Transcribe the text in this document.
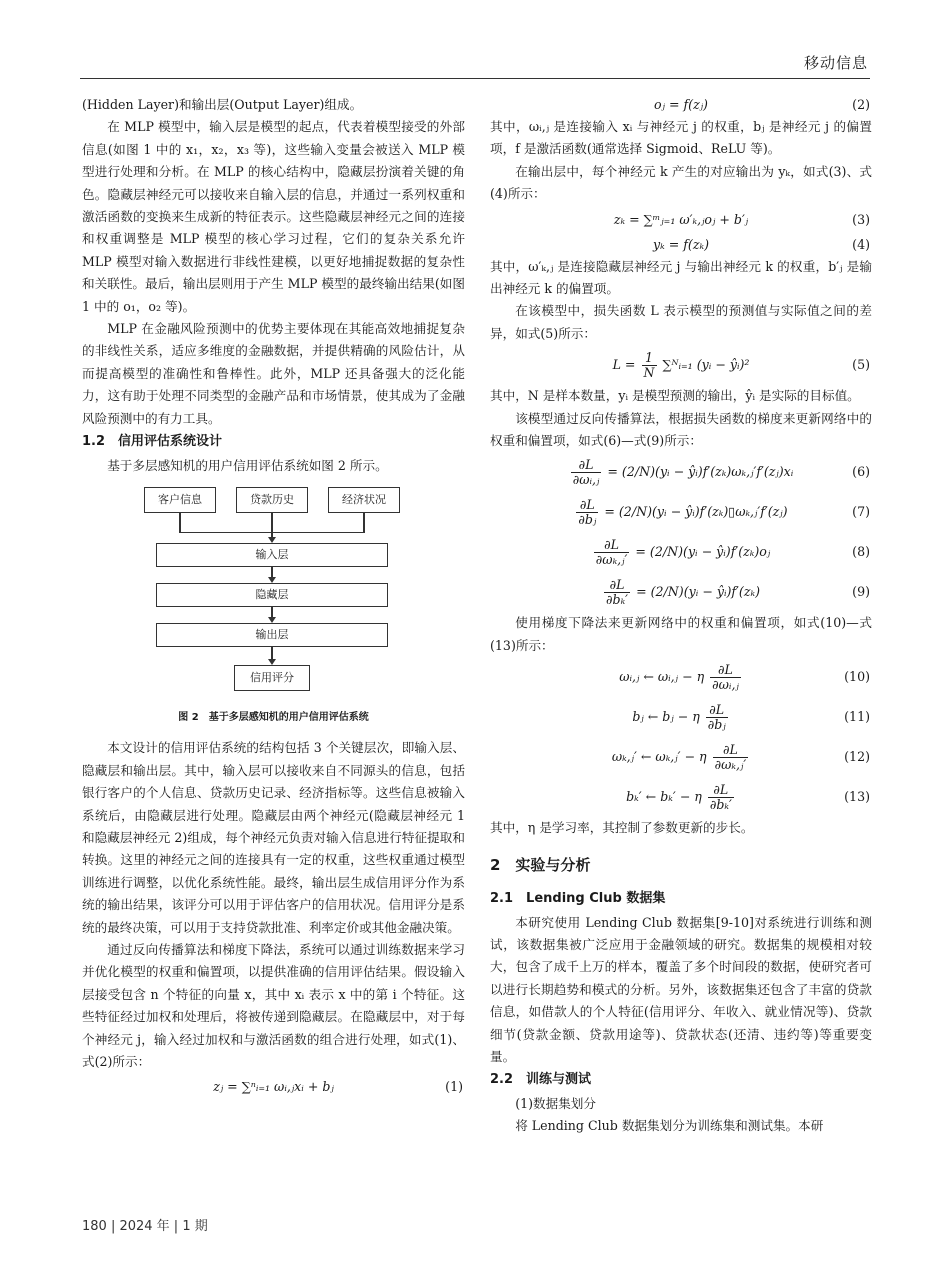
移动信息

(Hidden Layer)和输出层(Output Layer)组成。

在 MLP 模型中，输入层是模型的起点，代表着模型接受的外部信息(如图 1 中的 x₁，x₂，x₃ 等)，这些输入变量会被送入 MLP 模型进行处理和分析。在 MLP 的核心结构中，隐藏层扮演着关键的角色。隐藏层神经元可以接收来自输入层的信息，并通过一系列权重和激活函数的变换来生成新的特征表示。这些隐藏层神经元之间的连接和权重调整是 MLP 模型的核心学习过程，它们的复杂关系允许 MLP 模型对输入数据进行非线性建模，以更好地捕捉数据的复杂性和关联性。最后，输出层则用于产生 MLP 模型的最终输出结果(如图 1 中的 o₁，o₂ 等)。

MLP 在金融风险预测中的优势主要体现在其能高效地捕捉复杂的非线性关系，适应多维度的金融数据，并提供精确的风险估计，从而提高模型的准确性和鲁棒性。此外，MLP 还具备强大的泛化能力，这有助于处理不同类型的金融产品和市场情景，使其成为了金融风险预测中的有力工具。

1.2　信用评估系统设计

基于多层感知机的用户信用评估系统如图 2 所示。

客户信息	贷款历史	经济状况
输入层
隐藏层
输出层
信用评分
图 2　基于多层感知机的用户信用评估系统

本文设计的信用评估系统的结构包括 3 个关键层次，即输入层、隐藏层和输出层。其中，输入层可以接收来自不同源头的信息，包括银行客户的个人信息、贷款历史记录、经济指标等。这些信息被输入系统后，由隐藏层进行处理。隐藏层由两个神经元(隐藏层神经元 1 和隐藏层神经元 2)组成，每个神经元负责对输入信息进行特征提取和转换。这里的神经元之间的连接具有一定的权重，这些权重通过模型训练进行调整，以优化系统性能。最终，输出层生成信用评分作为系统的输出结果，该评分可以用于评估客户的信用状况。信用评分是系统的最终决策，可以用于支持贷款批准、利率定价或其他金融决策。

通过反向传播算法和梯度下降法，系统可以通过训练数据来学习并优化模型的权重和偏置项，以提供准确的信用评估结果。假设输入层接受包含 n 个特征的向量 x，其中 xᵢ 表示 x 中的第 i 个特征。这些特征经过加权和处理后，将被传递到隐藏层。在隐藏层中，对于每个神经元 j，输入经过加权和与激活函数的组合进行处理，如式(1)、式(2)所示：

zⱼ = ∑ⁿᵢ₌₁ ωᵢ,ⱼxᵢ + bⱼ	(1)
oⱼ = f(zⱼ)	(2)

其中，ωᵢ,ⱼ 是连接输入 xᵢ 与神经元 j 的权重，bⱼ 是神经元 j 的偏置项，f 是激活函数(通常选择 Sigmoid、ReLU 等)。

在输出层中，每个神经元 k 产生的对应输出为 yₖ，如式(3)、式(4)所示：

zₖ = ∑ᵐⱼ₌₁ ω′ₖ,ⱼoⱼ + b′ⱼ	(3)
yₖ = f(zₖ)	(4)

其中，ω′ₖ,ⱼ 是连接隐藏层神经元 j 与输出神经元 k 的权重，b′ⱼ 是输出神经元 k 的偏置项。

在该模型中，损失函数 L 表示模型的预测值与实际值之间的差异，如式(5)所示：

$L = \frac{1}{N}$ ∑ᴺᵢ₌₁ (yᵢ − ŷᵢ)²	(5)

其中，N 是样本数量，yᵢ 是模型预测的输出，ŷᵢ 是实际的目标值。

该模型通过反向传播算法，根据损失函数的梯度来更新网络中的权重和偏置项，如式(6)—式(9)所示：

$\frac{\partial L}{\text{∂ωᵢ,ⱼ}}$ = (2/N)(yᵢ − ŷᵢ)f′(zₖ)ωₖ,ⱼ′f′(zⱼ)xᵢ	(6)
$\frac{\partial L}{\text{∂bⱼ}}$ = (2/N)(yᵢ − ŷᵢ)f′(zₖ)▯ωₖ,ⱼ′f′(zⱼ)	(7)
$\frac{\partial L}{\text{∂ωₖ,ⱼ′}}$ = (2/N)(yᵢ − ŷᵢ)f′(zₖ)oⱼ	(8)
$\frac{\partial L}{\text{∂bₖ′}}$ = (2/N)(yᵢ − ŷᵢ)f′(zₖ)	(9)

使用梯度下降法来更新网络中的权重和偏置项，如式(10)—式(13)所示：

ωᵢ,ⱼ ← ωᵢ,ⱼ − η $\frac{\partial L}{\text{∂ωᵢ,ⱼ}}$	(10)
bⱼ ← bⱼ − η $\frac{\partial L}{\text{∂bⱼ}}$	(11)
ωₖ,ⱼ′ ← ωₖ,ⱼ′ − η $\frac{\partial L}{\text{∂ωₖ,ⱼ′}}$	(12)
bₖ′ ← bₖ′ − η $\frac{\partial L}{\text{∂bₖ′}}$	(13)

其中，η 是学习率，其控制了参数更新的步长。

2　实验与分析
2.1　Lending Club 数据集

本研究使用 Lending Club 数据集[9-10]对系统进行训练和测试，该数据集被广泛应用于金融领域的研究。数据集的规模相对较大，包含了成千上万的样本，覆盖了多个时间段的数据，使研究者可以进行长期趋势和模式的分析。另外，该数据集还包含了丰富的贷款信息，如借款人的个人特征(信用评分、年收入、就业情况等)、贷款细节(贷款金额、贷款用途等)、贷款状态(还清、违约等)等重要变量。

2.2　训练与测试

(1)数据集划分

将 Lending Club 数据集划分为训练集和测试集。本研

180 | 2024 年 | 1 期
